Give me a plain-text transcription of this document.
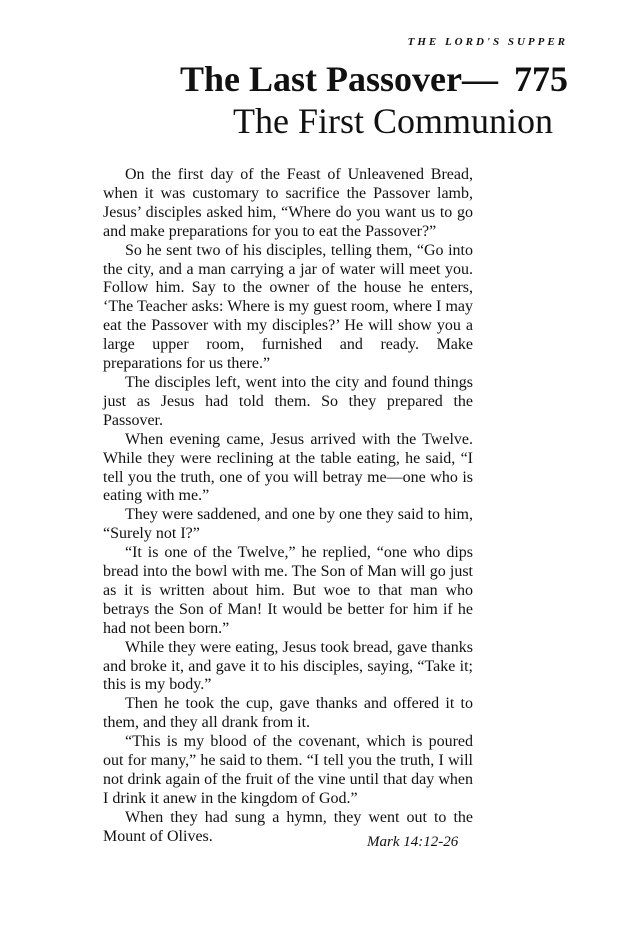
THE LORD'S SUPPER
The Last Passover— 775
The First Communion

On the first day of the Feast of Unleavened Bread, when it was customary to sacrifice the Passover lamb, Jesus’ disciples asked him, “Where do you want us to go and make preparations for you to eat the Passover?”

So he sent two of his disciples, telling them, “Go into the city, and a man carrying a jar of water will meet you. Follow him. Say to the owner of the house he enters, ‘The Teacher asks: Where is my guest room, where I may eat the Passover with my disciples?’ He will show you a large upper room, furnished and ready. Make preparations for us there.”

The disciples left, went into the city and found things just as Jesus had told them. So they prepared the Passover.

When evening came, Jesus arrived with the Twelve. While they were reclining at the table eating, he said, “I tell you the truth, one of you will betray me—one who is eating with me.”

They were saddened, and one by one they said to him, “Surely not I?”

“It is one of the Twelve,” he replied, “one who dips bread into the bowl with me. The Son of Man will go just as it is written about him. But woe to that man who betrays the Son of Man! It would be better for him if he had not been born.”

While they were eating, Jesus took bread, gave thanks and broke it, and gave it to his disciples, saying, “Take it; this is my body.”

Then he took the cup, gave thanks and offered it to them, and they all drank from it.

“This is my blood of the covenant, which is poured out for many,” he said to them. “I tell you the truth, I will not drink again of the fruit of the vine until that day when I drink it anew in the kingdom of God.”

When they had sung a hymn, they went out to the Mount of Olives.	Mark 14:12-26
